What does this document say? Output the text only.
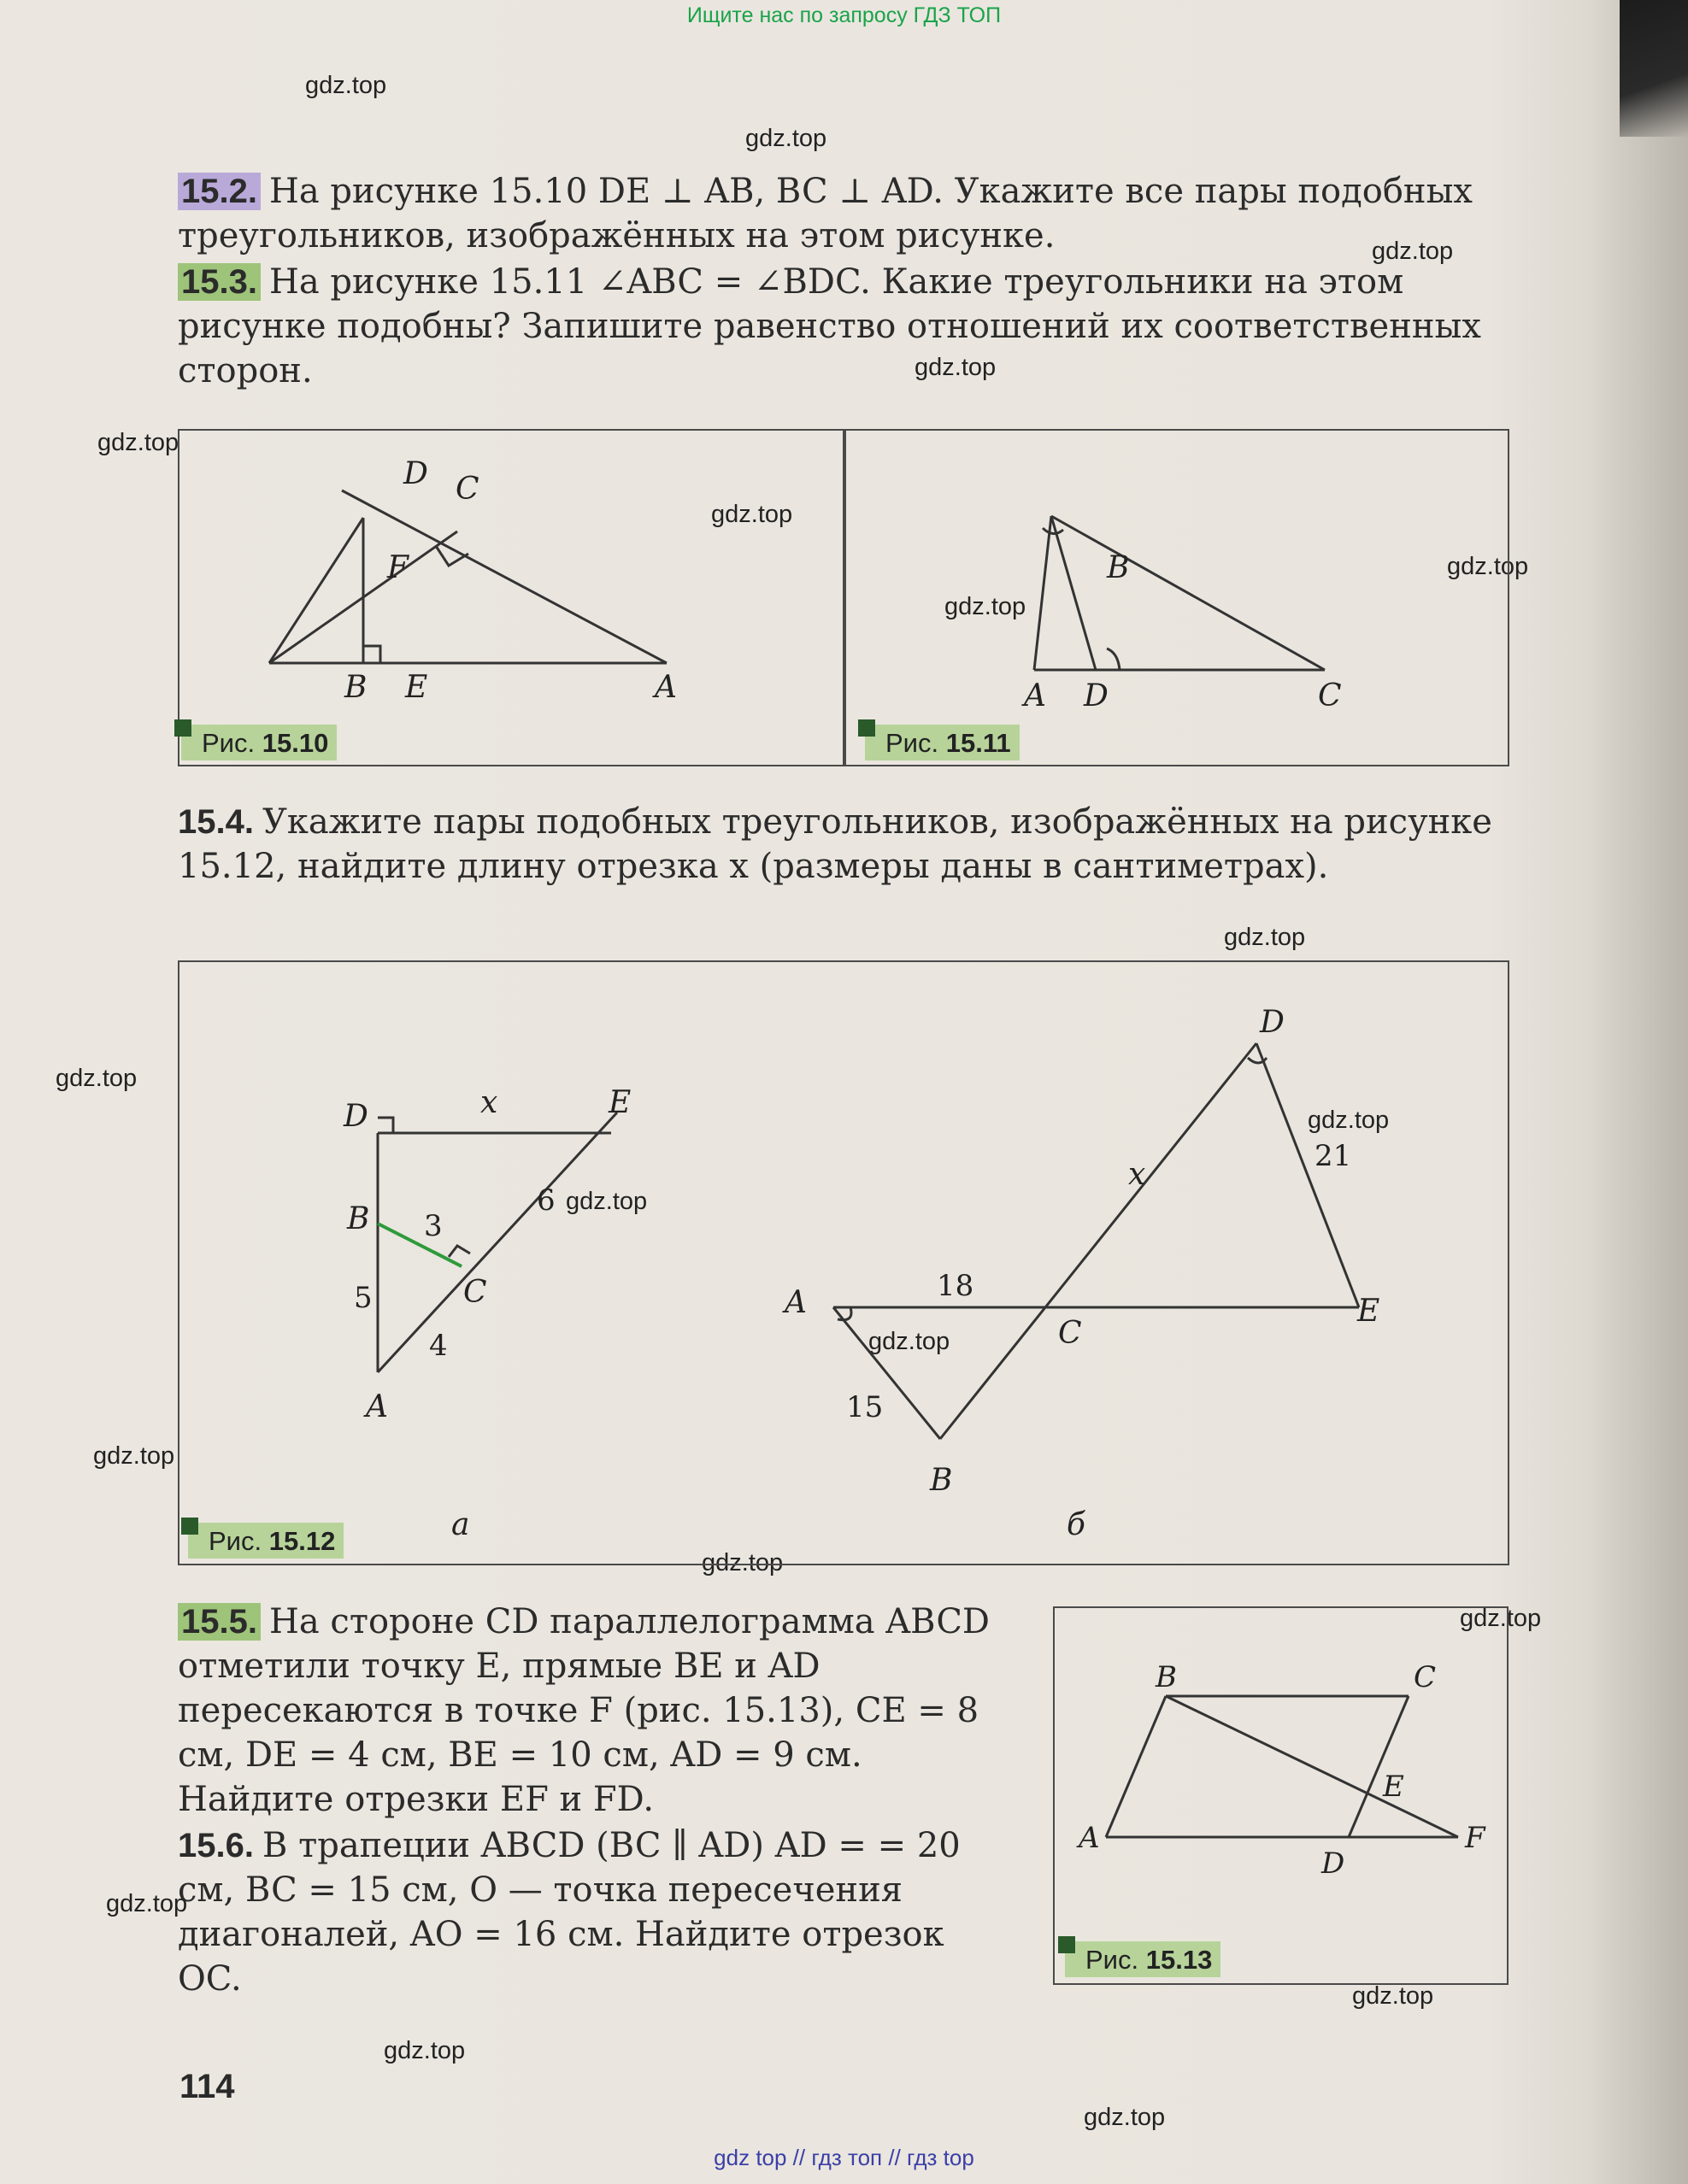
Ищите нас по запросу ГДЗ ТОП
gdz.top
gdz.top
gdz.top
gdz.top
gdz.top
gdz.top
gdz.top
gdz.top
gdz.top
gdz.top
gdz.top
gdz.top
gdz.top
gdz.top
gdz.top
gdz.top
gdz.top
gdz.top
gdz.top
gdz.top
15.2. На рисунке 15.10 DE ⊥ AB, BC ⊥ AD. Укажите все пары подобных треугольников, изображённых на этом рисунке.
15.3. На рисунке 15.11 ∠ABC = ∠BDC. Какие треугольники на этом рисунке подобны? Запишите равенство отношений их соответственных сторон.
D C
F
B E	A
Рис. 15.10
B
A D	C
Рис. 15.11
15.4. Укажите пары подобных треугольников, изображённых на рисунке 15.12, найдите длину отрезка x (размеры даны в сантиметрах).
D	x	E
B 3
6
C
5
4
A
а
D
21
x
18
A
C
E
15
B
б
Рис. 15.12
15.5. На стороне CD параллелограмма ABCD отметили точку E, прямые BE и AD пересекаются в точке F (рис. 15.13), CE = 8 см, DE = 4 см, BE = 10 см, AD = 9 см. Найдите отрезки EF и FD.
15.6. В трапеции ABCD (BC ∥ AD) AD = = 20 см, BC = 15 см, O — точка пересечения диагоналей, AO = 16 см. Найдите отрезок OC.
B	C
E
A
D
F
Рис. 15.13
114
gdz top // гдз топ // гдз top
